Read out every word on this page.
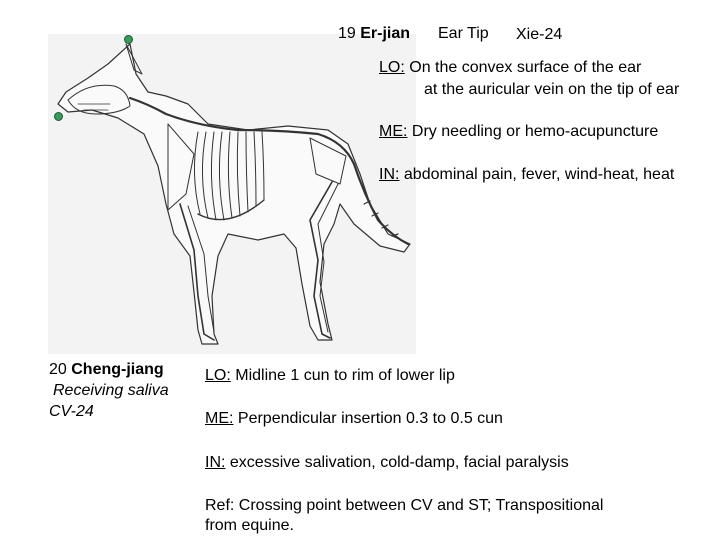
19 Er-jian Ear Tip Xie-24
LO: On the convex surface of the ear
at the auricular vein on the tip of ear
ME: Dry needling or hemo-acupuncture
IN: abdominal pain, fever, wind-heat, heat
20 Cheng-jiang
Receiving saliva
CV-24
LO: Midline 1 cun to rim of lower lip
ME: Perpendicular insertion 0.3 to 0.5 cun
IN: excessive salivation, cold-damp, facial paralysis
Ref: Crossing point between CV and ST; Transpositional
from equine.
